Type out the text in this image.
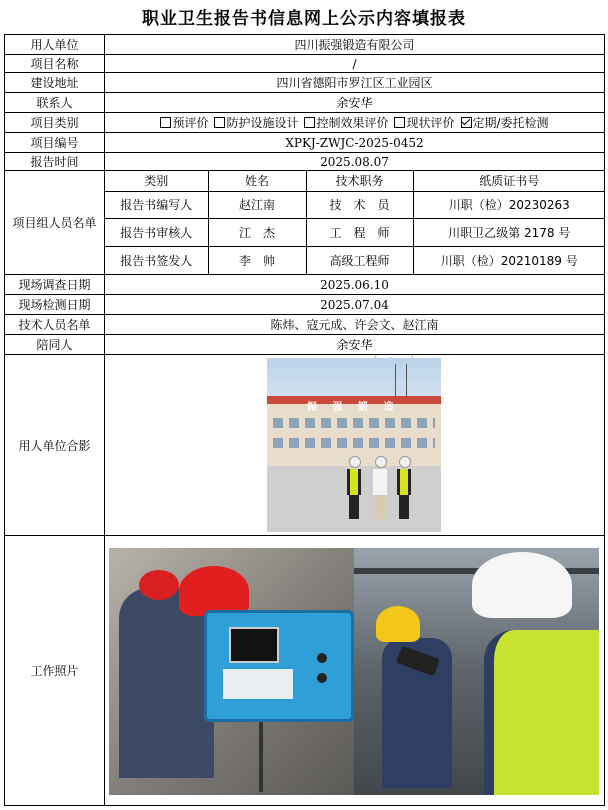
职业卫生报告书信息网上公示内容填报表
用人单位	四川振强锻造有限公司
项目名称	/
建设地址	四川省德阳市罗江区工业园区
联系人	余安华
项目类别	预评价 防护设施设计 控制效果评价 现状评价 定期/委托检测
项目编号	XPKJ-ZWJC-2025-0452
报告时间	2025.08.07
项目组人员名单	
类别	姓名	技术职务	纸质证书号
报告书编写人	赵江南	技　术　员	川职（检）20230263
报告书审核人	江　杰	工　程　师	川职卫乙级第 2178 号
报告书签发人	李　帅	高级工程师	川职（检）20210189 号

现场调查日期	2025.06.10
现场检测日期	2025.07.04
技术人员名单	陈炜、寇元成、许会文、赵江南
陪同人	余安华
用人单位合影	
振 强 锻 造

工作照片	
